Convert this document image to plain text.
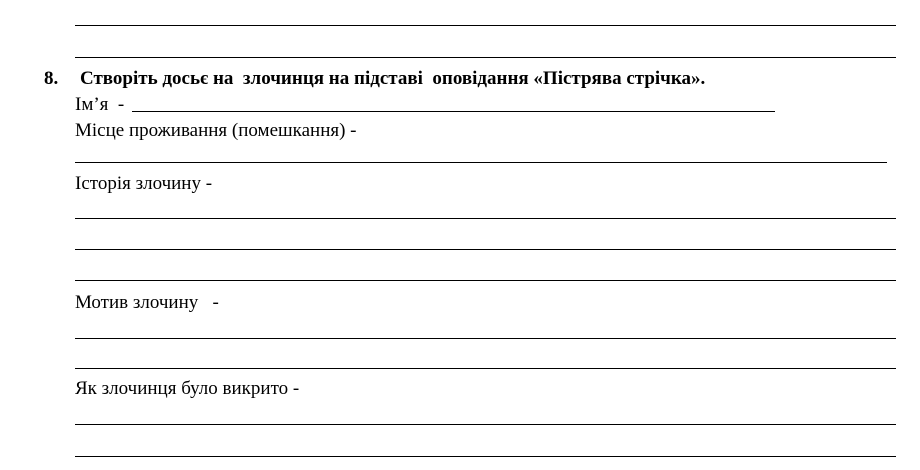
8. Створіть досьє на  злочинця на підставі  оповідання «Пістрява стрічка».
Ім’я  -
Місце проживання (помешкання) -
Історія злочину -
Мотив злочину   -
Як злочинця було викрито -
